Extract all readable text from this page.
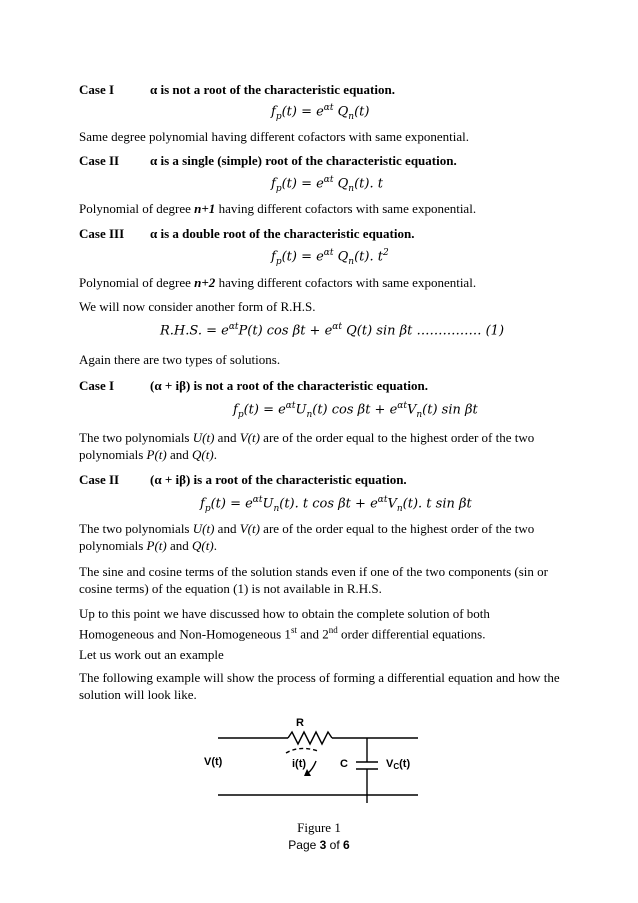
Case I	α is not a root of the characteristic equation.
$f_p(t) = e^{\alpha t}$ $Q_n(t)$
Same degree polynomial having different cofactors with same exponential.
Case II α is a single (simple) root of the characteristic equation.
$f_p(t) = e^{\alpha t}$ $Q_n(t)$. t
Polynomial of degree n+1 having different cofactors with same exponential.
Case III α is a double root of the characteristic equation.
$f_p(t) = e^{\alpha t}$ $Q_n(t)$. $t^2$
Polynomial of degree n+2 having different cofactors with same exponential.
We will now consider another form of R.H.S.
R.H.S. = $e^{\alpha t}P(t)$ $\cos \beta t + e^{\alpha t}$ Q(t) sin βt …………… (1)
Again there are two types of solutions.
Case I	(α + iβ) is not a root of the characteristic equation.
$f_p(t) = e^{\alpha t}U_n(t)$ $\cos \beta t + e^{\alpha t}V_n(t)$ sin βt
The two polynomials U(t) and V(t) are of the order equal to the highest order of the two polynomials P(t) and Q(t).
Case II (α + iβ) is a root of the characteristic equation.
$f_p(t) = e^{\alpha t}U_n(t)$. t $\cos \beta t + e^{\alpha t}V_n(t)$. t sin βt
The two polynomials U(t) and V(t) are of the order equal to the highest order of the two polynomials P(t) and Q(t).
The sine and cosine terms of the solution stands even if one of the two components (sin or cosine terms) of the equation (1) is not available in R.H.S.
Up to this point we have discussed how to obtain the complete solution of both Homogeneous and Non-Homogeneous 1st and 2nd order differential equations.
Let us work out an example
The following example will show the process of forming a differential equation and how the solution will look like.
R
V(t)	i(t)	C	VC(t)
Figure 1
Page 3 of 6
